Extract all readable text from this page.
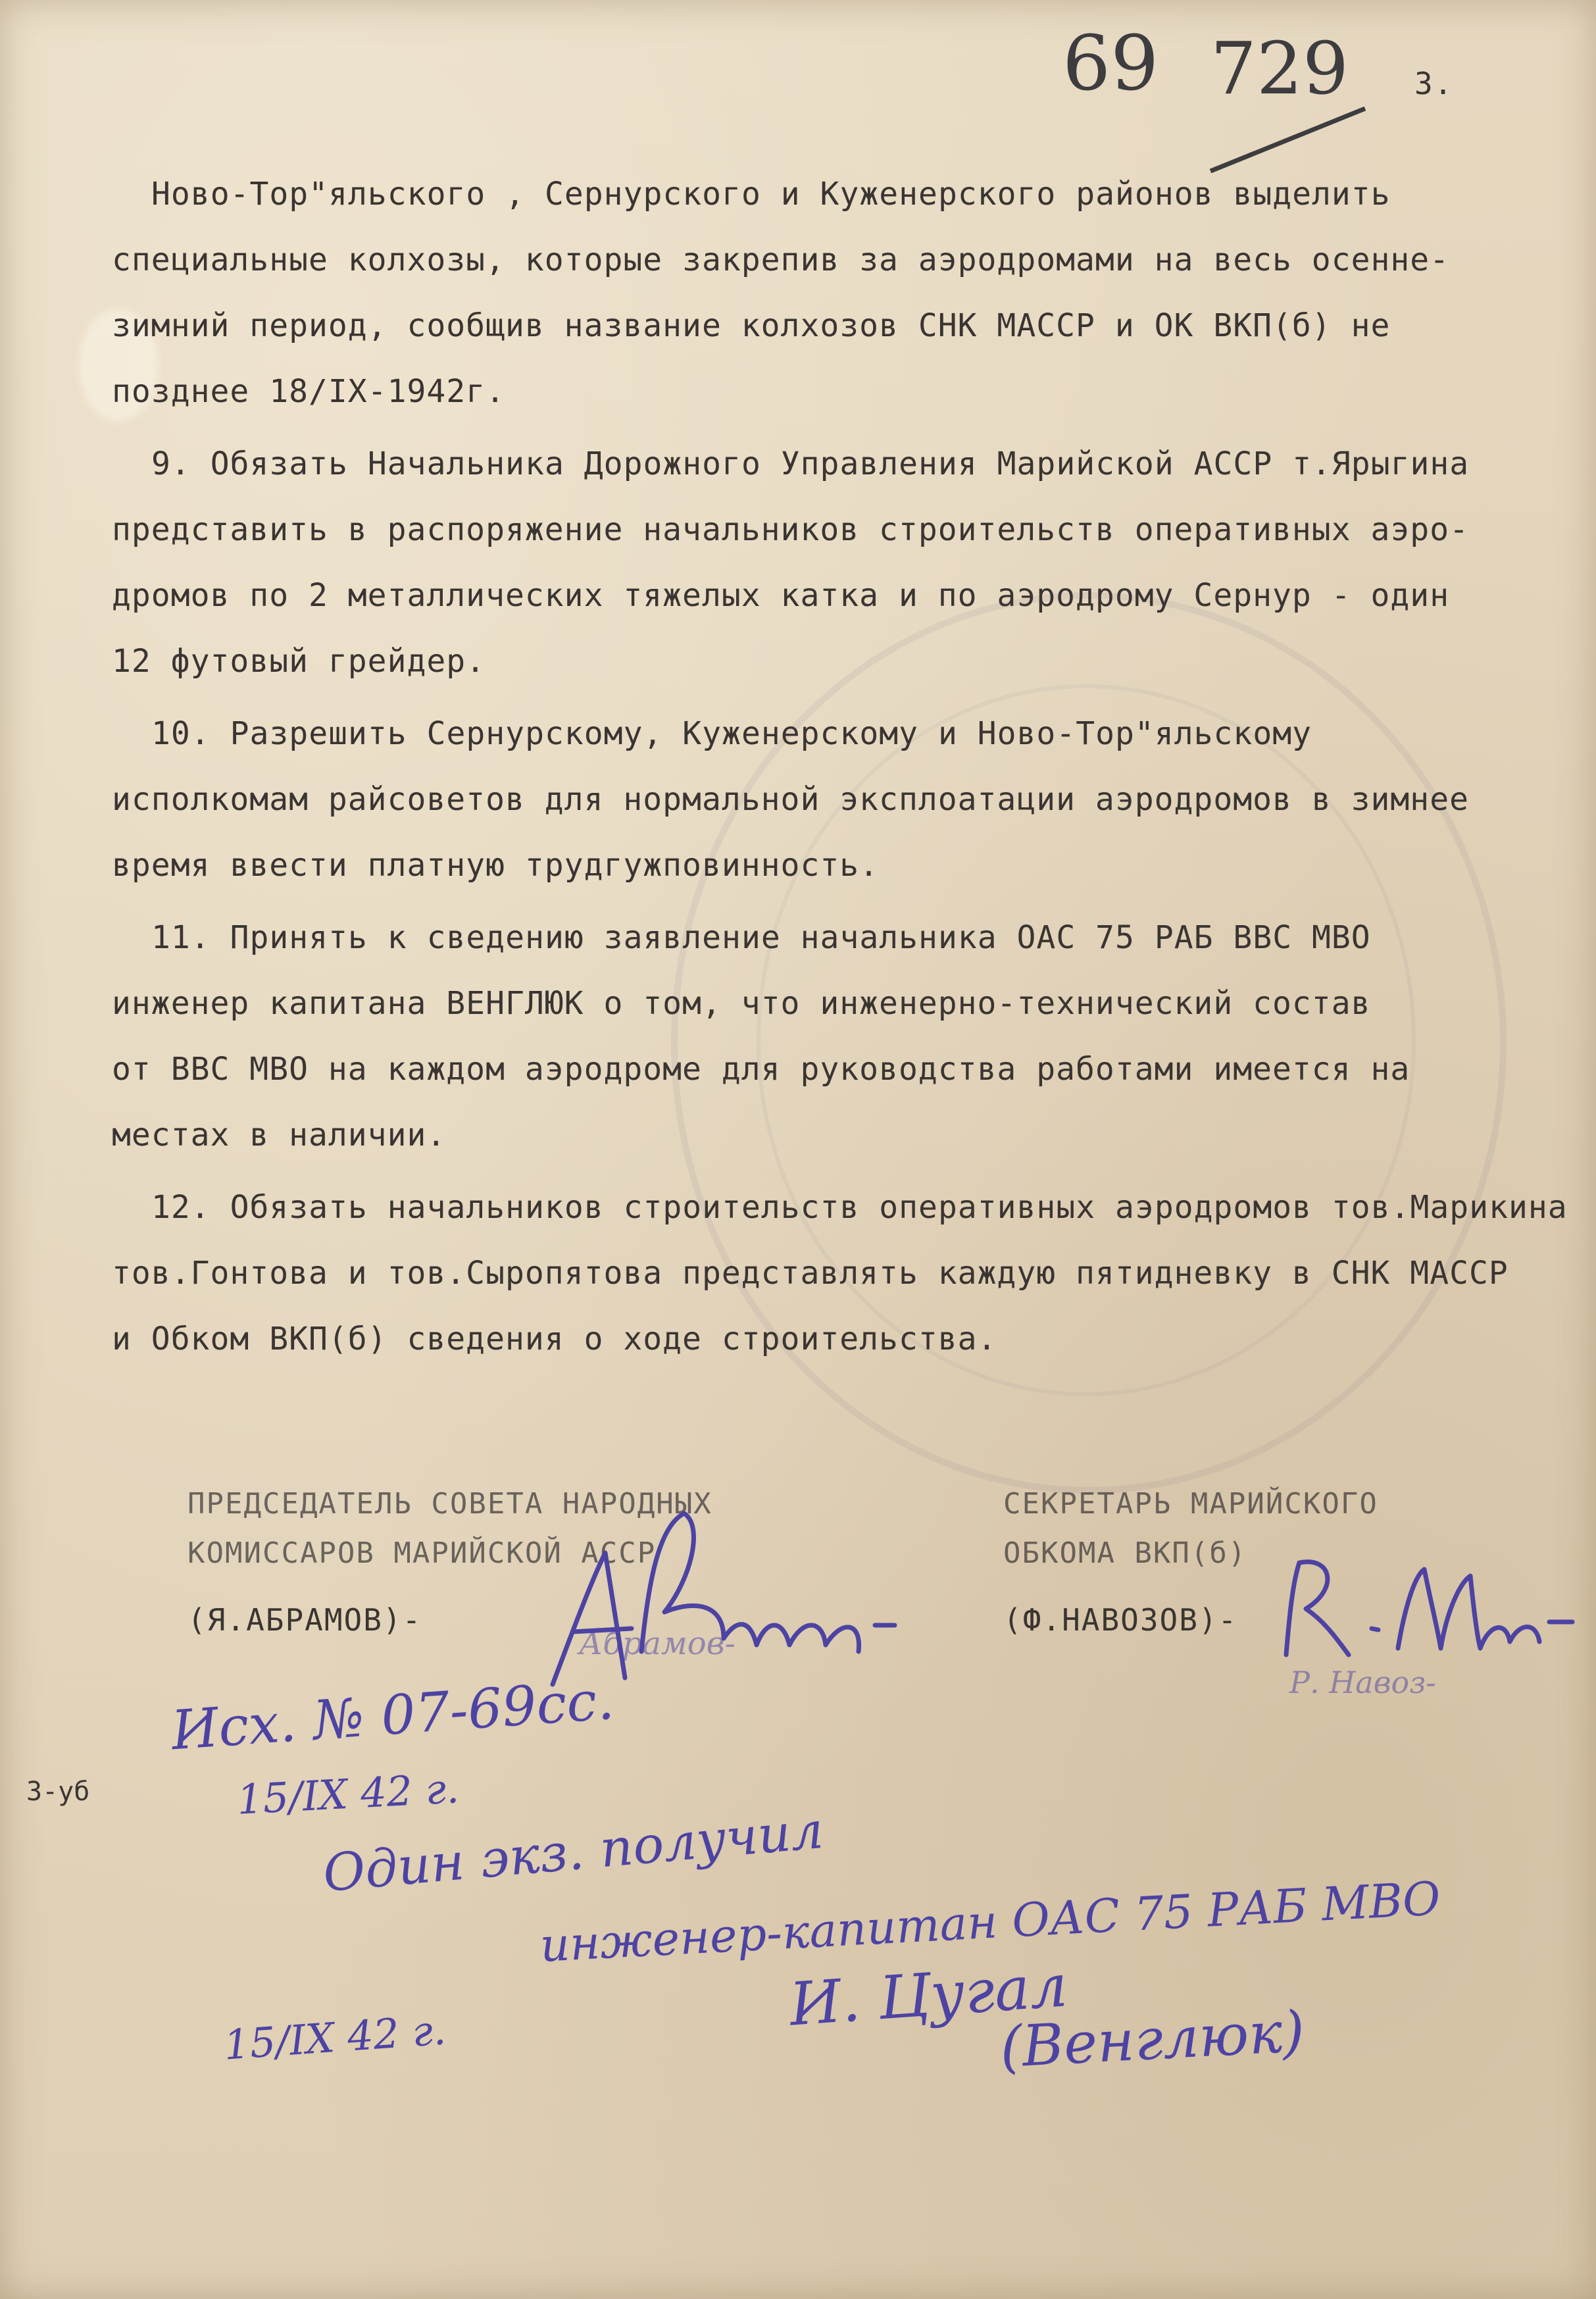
69 729 3.
Ново-Тор"яльского , Сернурского и Куженерского районов выделить
специальные колхозы, которые закрепив за аэродромами на весь осенне-
зимний период, сообщив название колхозов СНК МАССР и ОК ВКП(б) не
позднее 18/IX-1942г.
9. Обязать Начальника Дорожного Управления Марийской АССР т.Ярыгина
представить в распоряжение начальников строительств оперативных аэро-
дромов по 2 металлических тяжелых катка и по аэродрому Сернур - один
12 футовый грейдер.
10. Разрешить Сернурскому, Куженерскому и Ново-Тор"яльскому
исполкомам райсоветов для нормальной эксплоатации аэродромов в зимнее
время ввести платную трудгужповинность.
11. Принять к сведению заявление начальника ОАС 75 РАБ ВВС МВО
инженер капитана ВЕНГЛЮК о том, что инженерно-технический состав
от ВВС МВО на каждом аэродроме для руководства работами имеется на
местах в наличии.
12. Обязать начальников строительств оперативных аэродромов тов.Марикина
тов.Гонтова и тов.Сыропятова представлять каждую пятидневку в СНК МАССР
и Обком ВКП(б) сведения о ходе строительства.
ПРЕДСЕДАТЕЛЬ СОВЕТА НАРОДНЫХ
КОМИССАРОВ МАРИЙСКОЙ АССР
(Я.АБРАМОВ)-
СЕКРЕТАРЬ МАРИЙСКОГО
ОБКОМА ВКП(б)
(Ф.НАВОЗОВ)-
Абрамов-
Р. Навоз-
3-уб
Исх. № 07-69сс.
15/IX 42 г.
Один экз. получил
инженер-капитан ОАС 75 РАБ МВО
15/IX 42 г.	И. Цугал
(Венглюк)
